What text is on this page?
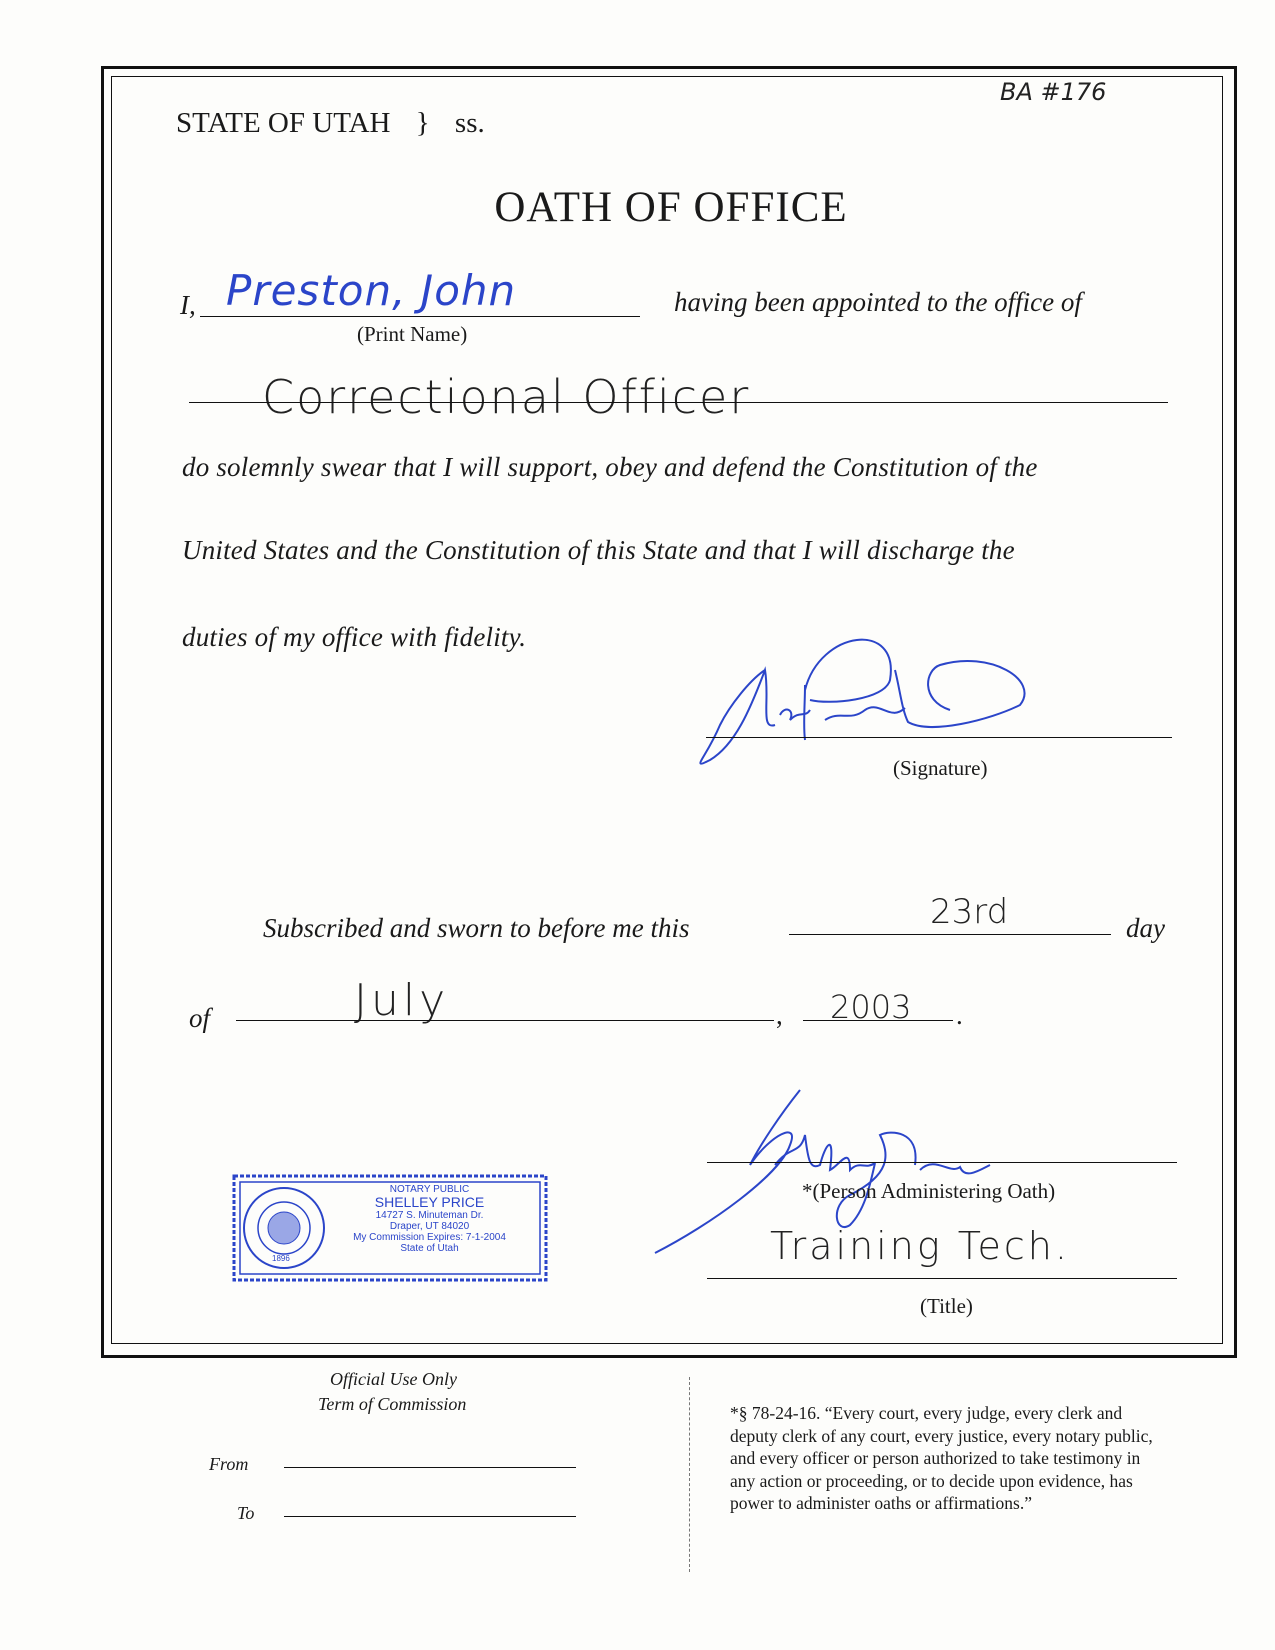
BA #176
STATE OF UTAH } ss.
OATH OF OFFICE
I, Preston, John
(Print Name)
having been appointed to the office of
Correctional Officer
do solemnly swear that I will support, obey and defend the Constitution of the
United States and the Constitution of this State and that I will discharge the
duties of my office with fidelity.
(Signature)
Subscribed and sworn to before me this	23rd	day
of	July	, 2003 .
*(Person Administering Oath)
Training Tech.
(Title)
1896
NOTARY PUBLIC
SHELLEY PRICE
14727 S. Minuteman Dr.
Draper, UT 84020
My Commission Expires: 7-1-2004
State of Utah
Official Use Only
Term of Commission
From
To
*§ 78-24-16. “Every court, every judge, every clerk and
deputy clerk of any court, every justice, every notary public,
and every officer or person authorized to take testimony in
any action or proceeding, or to decide upon evidence, has
power to administer oaths or affirmations.”
